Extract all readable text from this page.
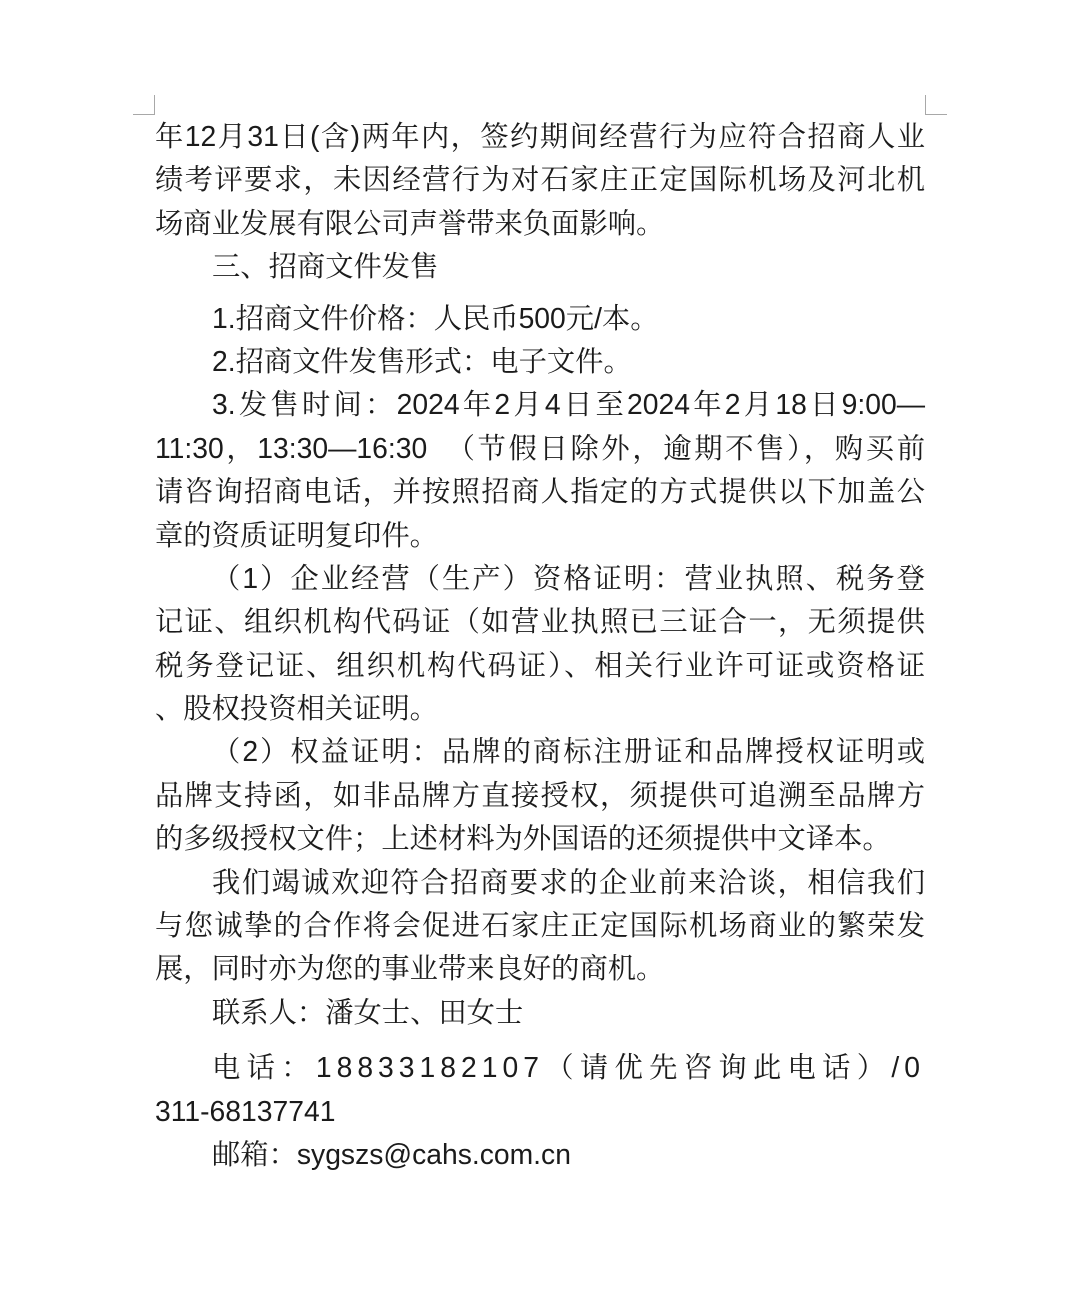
年12月31日(含)两年内，签约期间经营行为应符合招商人业
绩考评要求，未因经营行为对石家庄正定国际机场及河北机
场商业发展有限公司声誉带来负面影响。
三、招商文件发售
1.招商文件价格：人民币500元/本。
2.招商文件发售形式：电子文件。
3.发售时间：2024年2月4日至2024年2月18日9:00—
11:30，13:30—16:30　（节假日除外，逾期不售），购买前
请咨询招商电话，并按照招商人指定的方式提供以下加盖公
章的资质证明复印件。
（1）企业经营（生产）资格证明：营业执照、税务登
记证、组织机构代码证（如营业执照已三证合一，无须提供
税务登记证、组织机构代码证）、相关行业许可证或资格证
、股权投资相关证明。
（2）权益证明：品牌的商标注册证和品牌授权证明或
品牌支持函，如非品牌方直接授权，须提供可追溯至品牌方
的多级授权文件；上述材料为外国语的还须提供中文译本。
我们竭诚欢迎符合招商要求的企业前来洽谈，相信我们
与您诚挚的合作将会促进石家庄正定国际机场商业的繁荣发
展，同时亦为您的事业带来良好的商机。
联系人：潘女士、田女士
电话：18833182107（请优先咨询此电话）/0
311-68137741
邮箱：sygszs@cahs.com.cn
